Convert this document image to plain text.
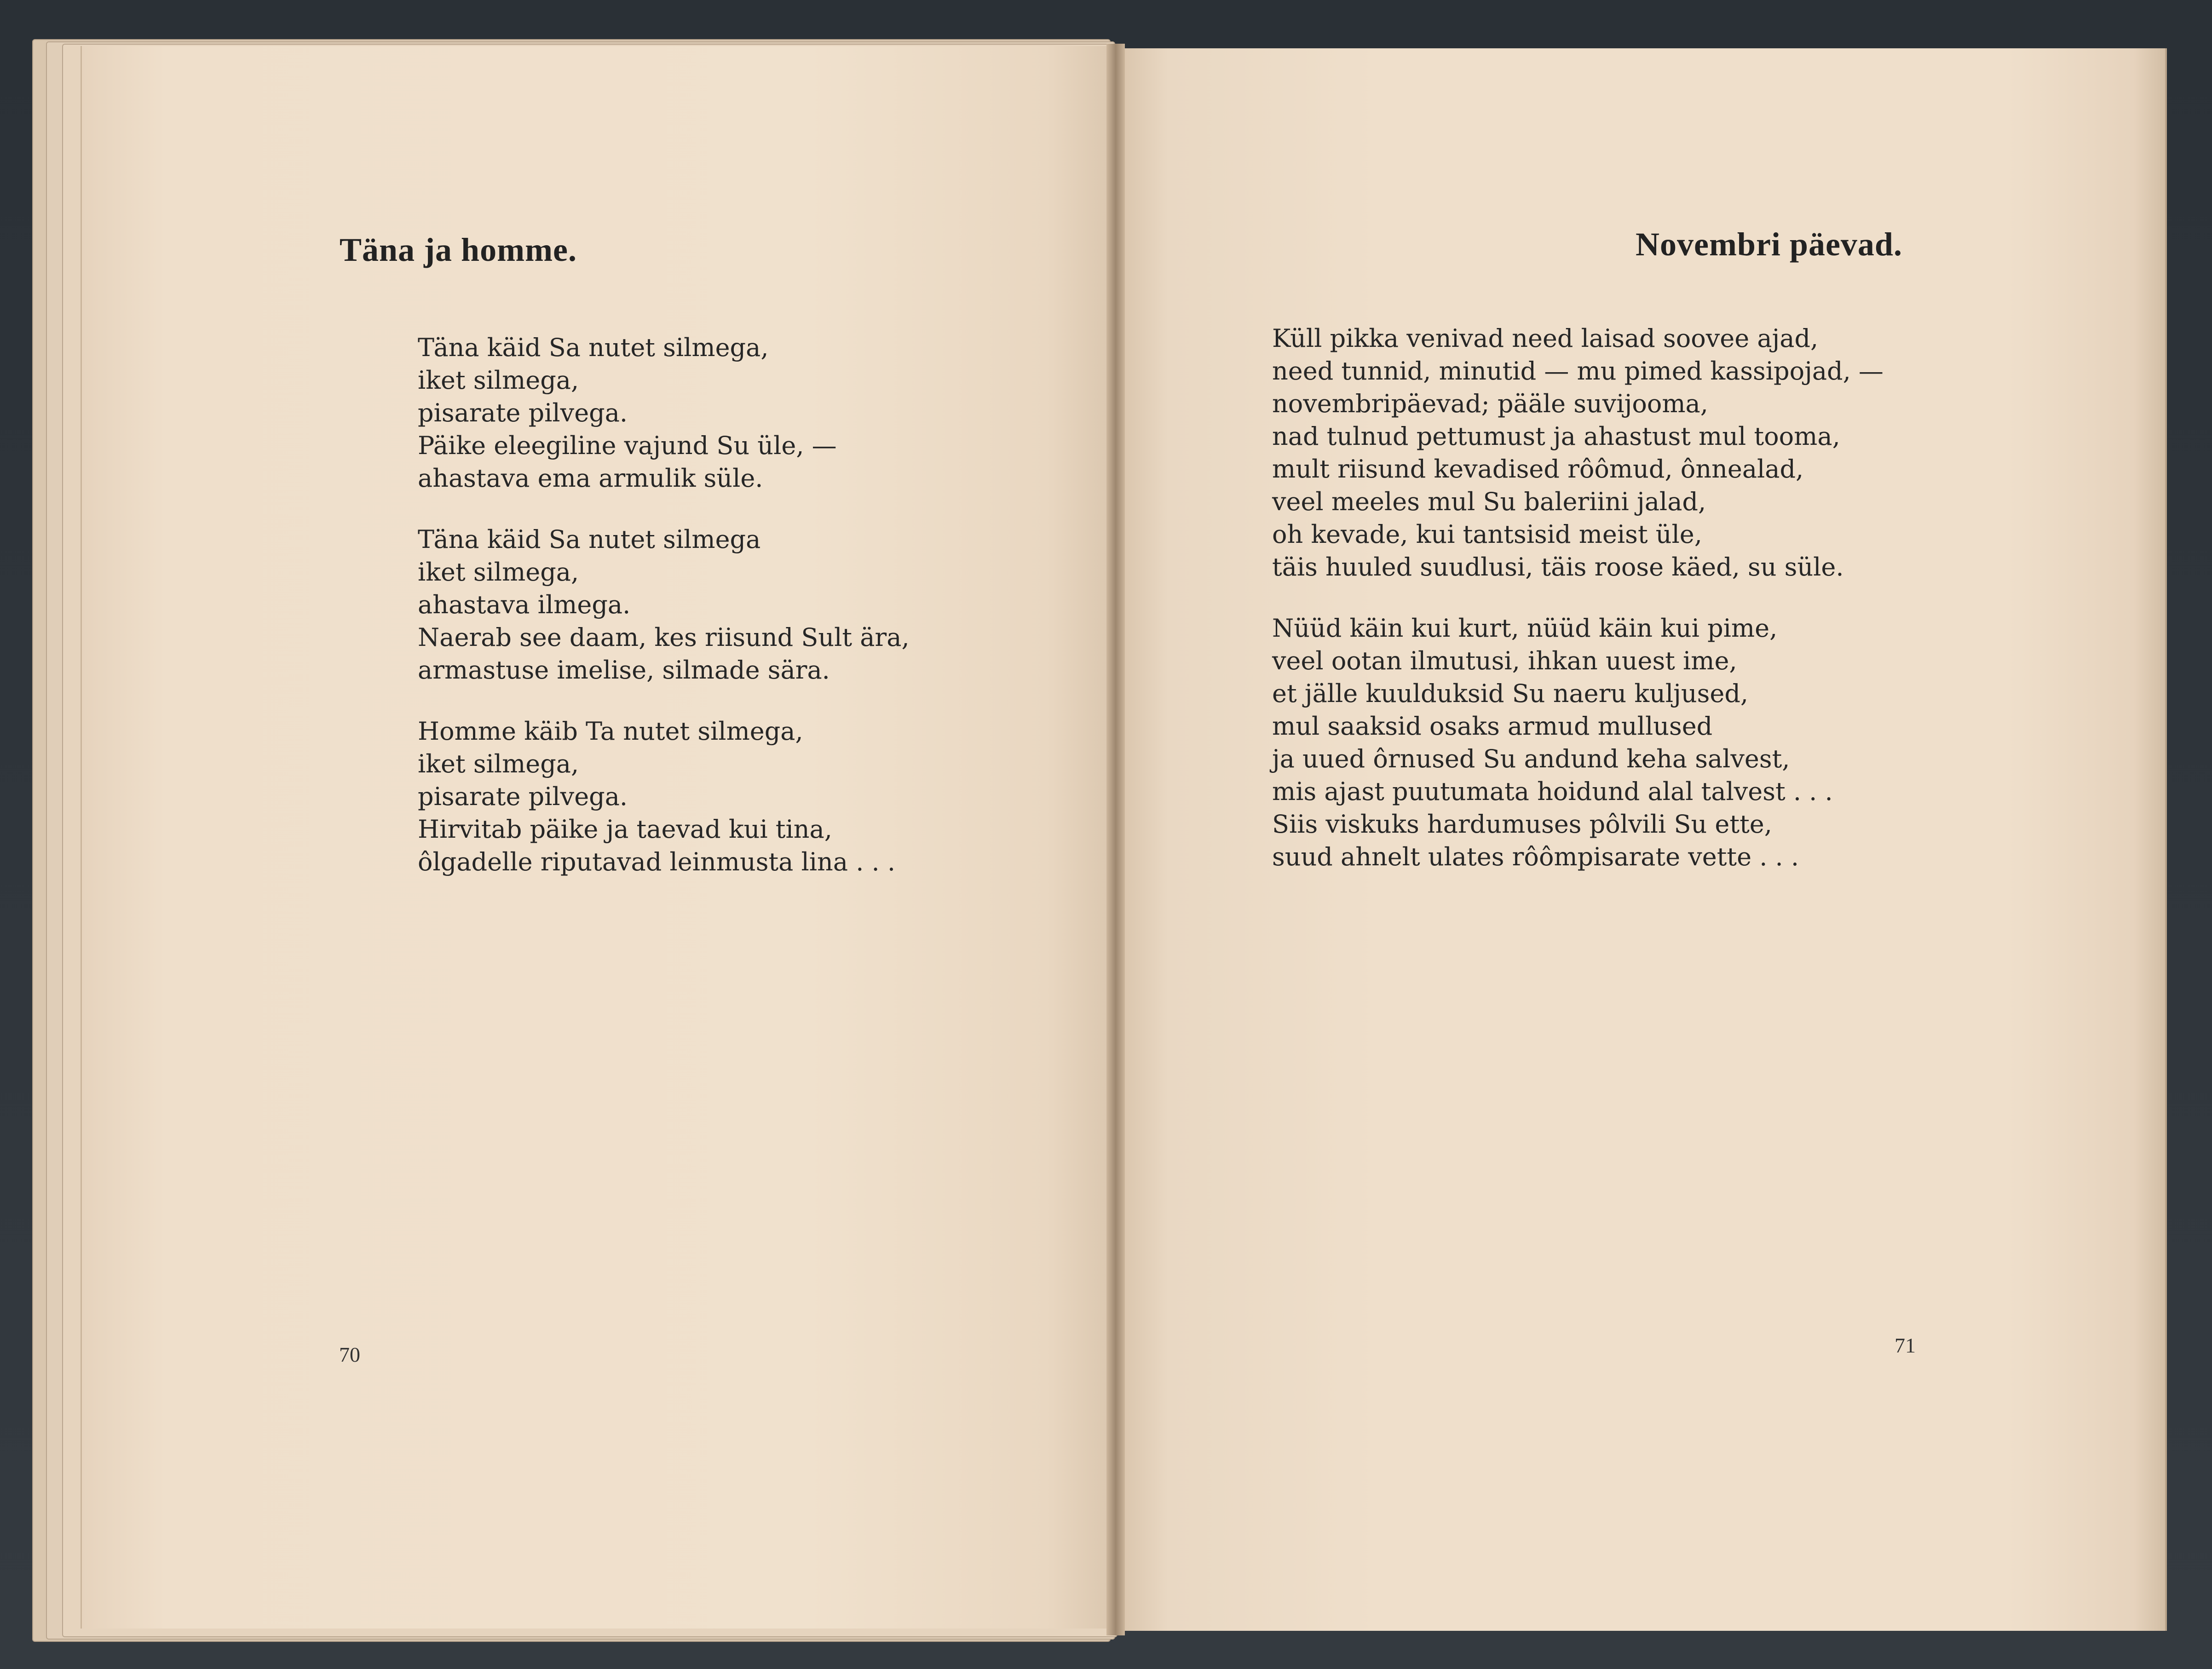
Täna ja homme.
Täna käid Sa nutet silmega,
iket silmega,
pisarate pilvega.
Päike eleegiline vajund Su üle, —
ahastava ema armulik süle.
Täna käid Sa nutet silmega
iket silmega,
ahastava ilmega.
Naerab see daam, kes riisund Sult ära,
armastuse imelise, silmade sära.
Homme käib Ta nutet silmega,
iket silmega,
pisarate pilvega.
Hirvitab päike ja taevad kui tina,
ôlgadelle riputavad leinmusta lina . . .
70
Novembri päevad.
Küll pikka venivad need laisad soovee ajad,
need tunnid, minutid — mu pimed kassipojad, —
novembripäevad; pääle suvijooma,
nad tulnud pettumust ja ahastust mul tooma,
mult riisund kevadised rôômud, ônnealad,
veel meeles mul Su baleriini jalad,
oh kevade, kui tantsisid meist üle,
täis huuled suudlusi, täis roose käed, su süle.
Nüüd käin kui kurt, nüüd käin kui pime,
veel ootan ilmutusi, ihkan uuest ime,
et jälle kuulduksid Su naeru kuljused,
mul saaksid osaks armud mullused
ja uued ôrnused Su andund keha salvest,
mis ajast puutumata hoidund alal talvest . . .
Siis viskuks hardumuses pôlvili Su ette,
suud ahnelt ulates rôômpisarate vette . . .
71
